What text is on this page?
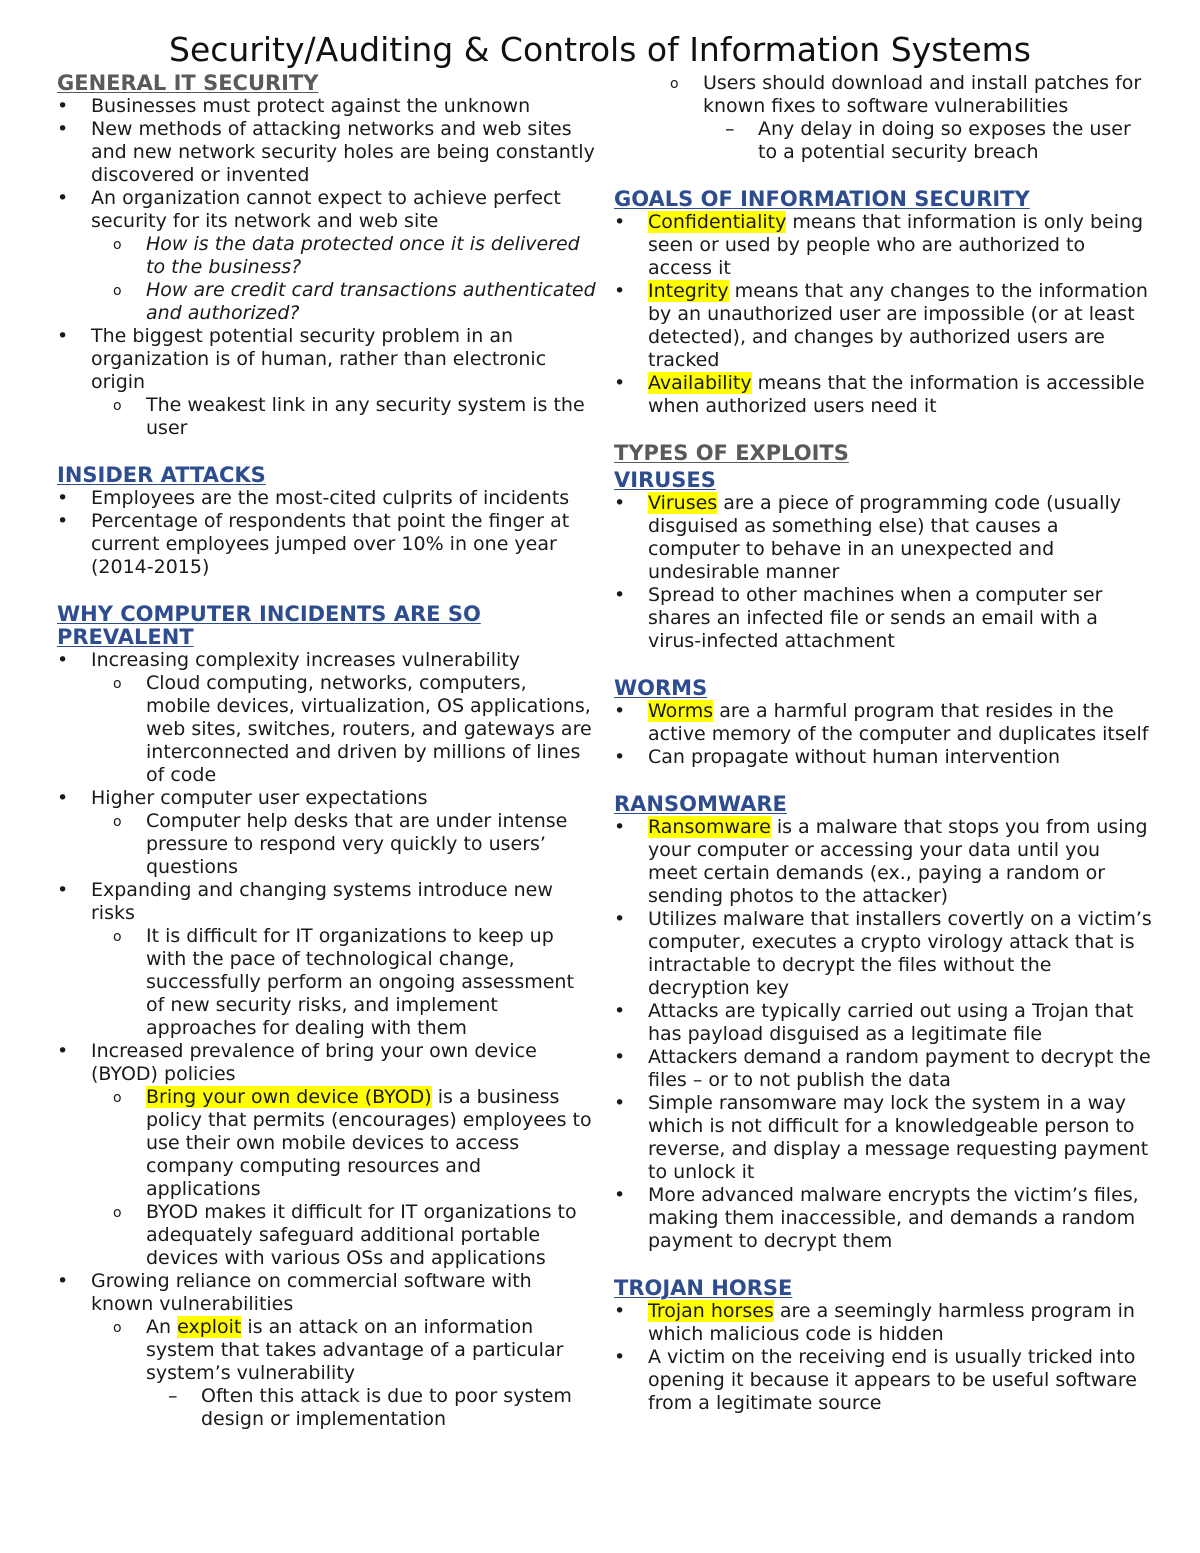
Security/Auditing & Controls of Information Systems
GENERAL IT SECURITY
• Businesses must protect against the unknown
• New methods of attacking networks and web sites and new network security holes are being constantly discovered or invented
• An organization cannot expect to achieve perfect security for its network and web site
o How is the data protected once it is delivered to the business?
o How are credit card transactions authenticated and authorized?
• The biggest potential security problem in an organization is of human, rather than electronic origin
o The weakest link in any security system is the user
INSIDER ATTACKS
• Employees are the most-cited culprits of incidents
• Percentage of respondents that point the finger at current employees jumped over 10% in one year (2014-2015)
WHY COMPUTER INCIDENTS ARE SO PREVALENT
• Increasing complexity increases vulnerability
o Cloud computing, networks, computers, mobile devices, virtualization, OS applications, web sites, switches, routers, and gateways are interconnected and driven by millions of lines of code
• Higher computer user expectations
o Computer help desks that are under intense pressure to respond very quickly to users’ questions
• Expanding and changing systems introduce new risks
o It is difficult for IT organizations to keep up with the pace of technological change, successfully perform an ongoing assessment of new security risks, and implement approaches for dealing with them
• Increased prevalence of bring your own device (BYOD) policies
o Bring your own device (BYOD) is a business policy that permits (encourages) employees to use their own mobile devices to access company computing resources and applications
o BYOD makes it difficult for IT organizations to adequately safeguard additional portable devices with various OSs and applications
• Growing reliance on commercial software with known vulnerabilities
o An exploit is an attack on an information system that takes advantage of a particular system’s vulnerability
– Often this attack is due to poor system design or implementation
o Users should download and install patches for known fixes to software vulnerabilities
– Any delay in doing so exposes the user to a potential security breach
GOALS OF INFORMATION SECURITY
• Confidentiality means that information is only being seen or used by people who are authorized to access it
• Integrity means that any changes to the information by an unauthorized user are impossible (or at least detected), and changes by authorized users are tracked
• Availability means that the information is accessible when authorized users need it
TYPES OF EXPLOITS
VIRUSES
• Viruses are a piece of programming code (usually disguised as something else) that causes a computer to behave in an unexpected and undesirable manner
• Spread to other machines when a computer ser shares an infected file or sends an email with a virus-infected attachment
WORMS
• Worms are a harmful program that resides in the active memory of the computer and duplicates itself
• Can propagate without human intervention
RANSOMWARE
• Ransomware is a malware that stops you from using your computer or accessing your data until you meet certain demands (ex., paying a random or sending photos to the attacker)
• Utilizes malware that installers covertly on a victim’s computer, executes a crypto virology attack that is intractable to decrypt the files without the decryption key
• Attacks are typically carried out using a Trojan that has payload disguised as a legitimate file
• Attackers demand a random payment to decrypt the files – or to not publish the data
• Simple ransomware may lock the system in a way which is not difficult for a knowledgeable person to reverse, and display a message requesting payment to unlock it
• More advanced malware encrypts the victim’s files, making them inaccessible, and demands a random payment to decrypt them
TROJAN HORSE
• Trojan horses are a seemingly harmless program in which malicious code is hidden
• A victim on the receiving end is usually tricked into opening it because it appears to be useful software from a legitimate source
